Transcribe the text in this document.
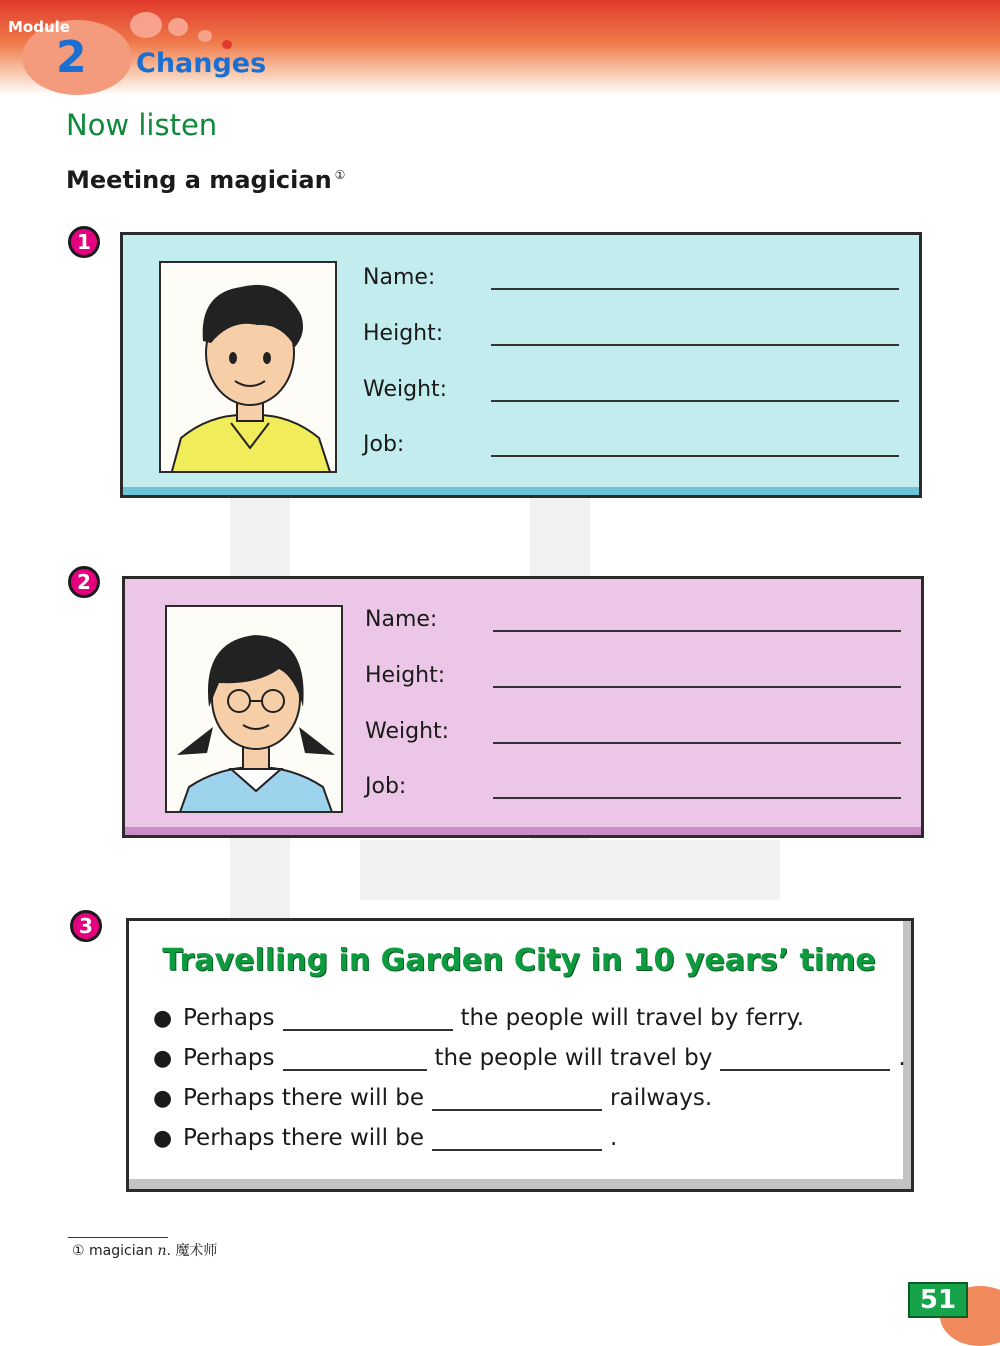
Module
2 Changes
Now listen
Meeting a magician ①
1
Name:
Height:
Weight:
Job:
2
Name:
Height:
Weight:
Job:
3
Travelling in Garden City in 10 years’ time
● Perhaps	the people will travel by ferry.
● Perhaps	the people will travel by	.
● Perhaps there will be	railways.
● Perhaps there will be	.
① magician n. 魔术师
51
